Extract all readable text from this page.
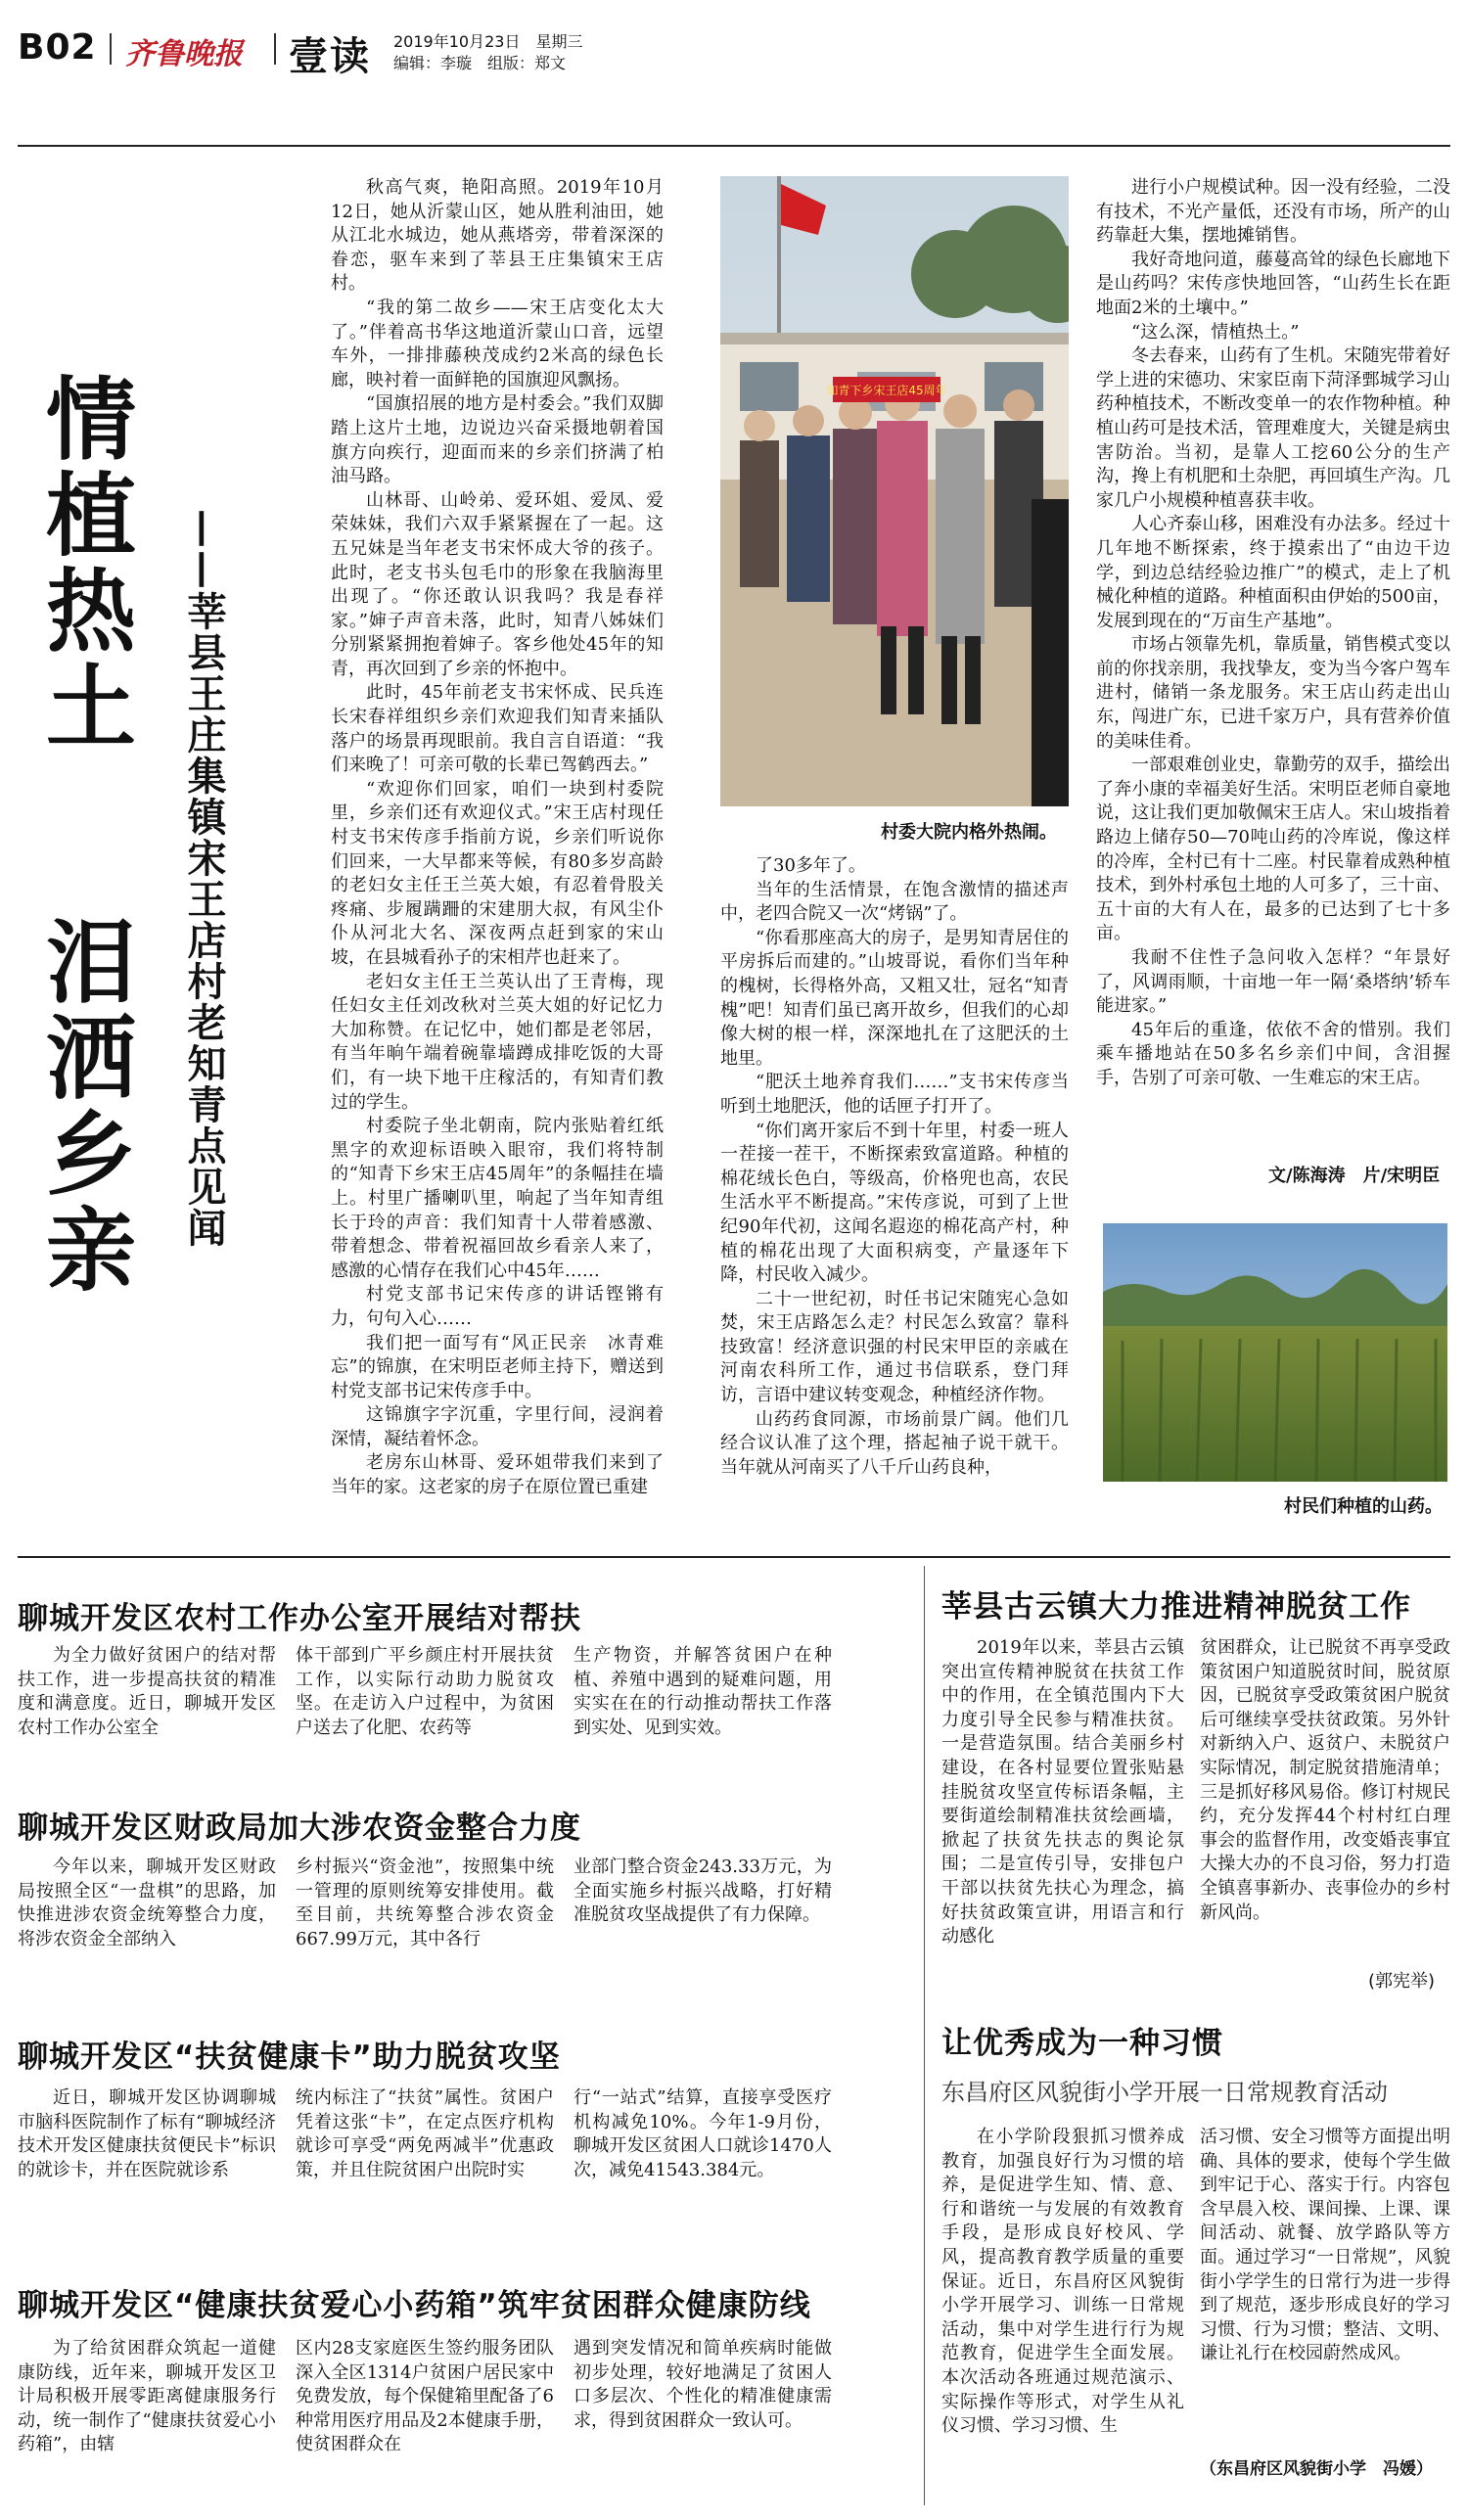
B02 齐鲁晚报 壹读 2019年10月23日　星期三
编辑：李璇　组版：郑文
情植热土
泪洒乡亲 ——莘县王庄集镇宋王店村老知青点见闻

秋高气爽，艳阳高照。2019年10月12日，她从沂蒙山区，她从胜利油田，她从江北水城边，她从燕塔旁，带着深深的眷恋，驱车来到了莘县王庄集镇宋王店村。

“我的第二故乡——宋王店变化太大了。”伴着高书华这地道沂蒙山口音，远望车外，一排排藤秧茂成约2米高的绿色长廊，映衬着一面鲜艳的国旗迎风飘扬。

“国旗招展的地方是村委会。”我们双脚踏上这片土地，边说边兴奋采摄地朝着国旗方向疾行，迎面而来的乡亲们挤满了柏油马路。

山林哥、山岭弟、爱环姐、爱凤、爱荣妹妹，我们六双手紧紧握在了一起。这五兄妹是当年老支书宋怀成大爷的孩子。此时，老支书头包毛巾的形象在我脑海里出现了。“你还敢认识我吗？我是春祥家。”婶子声音未落，此时，知青八姊妹们分别紧紧拥抱着婶子。客乡他处45年的知青，再次回到了乡亲的怀抱中。

此时，45年前老支书宋怀成、民兵连长宋春祥组织乡亲们欢迎我们知青来插队落户的场景再现眼前。我自言自语道：“我们来晚了！可亲可敬的长辈已驾鹤西去。”

“欢迎你们回家，咱们一块到村委院里，乡亲们还有欢迎仪式。”宋王店村现任村支书宋传彦手指前方说，乡亲们听说你们回来，一大早都来等候，有80多岁高龄的老妇女主任王兰英大娘，有忍着骨股关疼痛、步履蹒跚的宋建朋大叔，有风尘仆仆从河北大名、深夜两点赶到家的宋山坡，在县城看孙子的宋相芹也赶来了。

老妇女主任王兰英认出了王青梅，现任妇女主任刘改秋对兰英大姐的好记忆力大加称赞。在记忆中，她们都是老邻居，有当年晌午端着碗靠墙蹲成排吃饭的大哥们，有一块下地干庄稼活的，有知青们教过的学生。

村委院子坐北朝南，院内张贴着红纸黑字的欢迎标语映入眼帘，我们将特制的“知青下乡宋王店45周年”的条幅挂在墙上。村里广播喇叭里，响起了当年知青组长于玲的声音：我们知青十人带着感激、带着想念、带着祝福回故乡看亲人来了，感激的心情存在我们心中45年……

村党支部书记宋传彦的讲话铿锵有力，句句入心……

我们把一面写有“风正民亲　冰青难忘”的锦旗，在宋明臣老师主持下，赠送到村党支部书记宋传彦手中。

这锦旗字字沉重，字里行间，浸润着深情，凝结着怀念。

老房东山林哥、爱环姐带我们来到了当年的家。这老家的房子在原位置已重建

知青下乡宋王店45周年
村委大院内格外热闹。

了30多年了。

当年的生活情景，在饱含激情的描述声中，老四合院又一次“烤锅”了。

“你看那座高大的房子，是男知青居住的平房拆后而建的。”山坡哥说，看你们当年种的槐树，长得格外高，又粗又壮，冠名“知青槐”吧！知青们虽已离开故乡，但我们的心却像大树的根一样，深深地扎在了这肥沃的土地里。

“肥沃土地养育我们……”支书宋传彦当听到土地肥沃，他的话匣子打开了。

“你们离开家后不到十年里，村委一班人一茬接一茬干，不断探索致富道路。种植的棉花绒长色白，等级高，价格兜也高，农民生活水平不断提高。”宋传彦说，可到了上世纪90年代初，这闻名遐迩的棉花高产村，种植的棉花出现了大面积病变，产量逐年下降，村民收入减少。

二十一世纪初，时任书记宋随宪心急如焚，宋王店路怎么走？村民怎么致富？靠科技致富！经济意识强的村民宋甲臣的亲戚在河南农科所工作，通过书信联系，登门拜访，言语中建议转变观念，种植经济作物。

山药药食同源，市场前景广阔。他们几经合议认准了这个理，搭起袖子说干就干。当年就从河南买了八千斤山药良种，

进行小户规模试种。因一没有经验，二没有技术，不光产量低，还没有市场，所产的山药靠赶大集，摆地摊销售。

我好奇地问道，藤蔓高耸的绿色长廊地下是山药吗？宋传彦快地回答，“山药生长在距地面2米的土壤中。”

“这么深，情植热土。”

冬去春来，山药有了生机。宋随宪带着好学上进的宋德功、宋家臣南下菏泽鄄城学习山药种植技术，不断改变单一的农作物种植。种植山药可是技术活，管理难度大，关键是病虫害防治。当初，是靠人工挖60公分的生产沟，搀上有机肥和土杂肥，再回填生产沟。几家几户小规模种植喜获丰收。

人心齐泰山移，困难没有办法多。经过十几年地不断探索，终于摸索出了“由边干边学，到边总结经验边推广”的模式，走上了机械化种植的道路。种植面积由伊始的500亩，发展到现在的“万亩生产基地”。

市场占领靠先机，靠质量，销售模式变以前的你找亲朋，我找挚友，变为当今客户驾车进村，储销一条龙服务。宋王店山药走出山东，闯进广东，已进千家万户，具有营养价值的美味佳肴。

一部艰难创业史，靠勤劳的双手，描绘出了奔小康的幸福美好生活。宋明臣老师自豪地说，这让我们更加敬佩宋王店人。宋山坡指着路边上储存50—70吨山药的冷库说，像这样的冷库，全村已有十二座。村民靠着成熟种植技术，到外村承包土地的人可多了，三十亩、五十亩的大有人在，最多的已达到了七十多亩。

我耐不住性子急问收入怎样？“年景好了，风调雨顺，十亩地一年一隔‘桑塔纳’轿车能进家。”

45年后的重逢，依依不舍的惜别。我们乘车播地站在50多名乡亲们中间，含泪握手，告别了可亲可敬、一生难忘的宋王店。

文/陈海涛　片/宋明臣
村民们种植的山药。
聊城开发区农村工作办公室开展结对帮扶

为全力做好贫困户的结对帮扶工作，进一步提高扶贫的精准度和满意度。近日，聊城开发区农村工作办公室全

体干部到广平乡颜庄村开展扶贫工作，以实际行动助力脱贫攻坚。在走访入户过程中，为贫困户送去了化肥、农药等

生产物资，并解答贫困户在种植、养殖中遇到的疑难问题，用实实在在的行动推动帮扶工作落到实处、见到实效。

聊城开发区财政局加大涉农资金整合力度

今年以来，聊城开发区财政局按照全区“一盘棋”的思路，加快推进涉农资金统筹整合力度，将涉农资金全部纳入

乡村振兴“资金池”，按照集中统一管理的原则统筹安排使用。截至目前，共统筹整合涉农资金667.99万元，其中各行

业部门整合资金243.33万元，为全面实施乡村振兴战略，打好精准脱贫攻坚战提供了有力保障。

聊城开发区“扶贫健康卡”助力脱贫攻坚

近日，聊城开发区协调聊城市脑科医院制作了标有“聊城经济技术开发区健康扶贫便民卡”标识的就诊卡，并在医院就诊系

统内标注了“扶贫”属性。贫困户凭着这张“卡”，在定点医疗机构就诊可享受“两免两减半”优惠政策，并且住院贫困户出院时实

行“一站式”结算，直接享受医疗机构减免10%。今年1-9月份，聊城开发区贫困人口就诊1470人次，减免41543.384元。

聊城开发区“健康扶贫爱心小药箱”筑牢贫困群众健康防线

为了给贫困群众筑起一道健康防线，近年来，聊城开发区卫计局积极开展零距离健康服务行动，统一制作了“健康扶贫爱心小药箱”，由辖

区内28支家庭医生签约服务团队深入全区1314户贫困户居民家中免费发放，每个保健箱里配备了6种常用医疗用品及2本健康手册，使贫困群众在

遇到突发情况和简单疾病时能做初步处理，较好地满足了贫困人口多层次、个性化的精准健康需求，得到贫困群众一致认可。

莘县古云镇大力推进精神脱贫工作

2019年以来，莘县古云镇突出宣传精神脱贫在扶贫工作中的作用，在全镇范围内下大力度引导全民参与精准扶贫。一是营造氛围。结合美丽乡村建设，在各村显要位置张贴悬挂脱贫攻坚宣传标语条幅，主要街道绘制精准扶贫绘画墙，掀起了扶贫先扶志的舆论氛围；二是宣传引导，安排包户干部以扶贫先扶心为理念，搞好扶贫政策宣讲，用语言和行动感化

贫困群众，让已脱贫不再享受政策贫困户知道脱贫时间，脱贫原因，已脱贫享受政策贫困户脱贫后可继续享受扶贫政策。另外针对新纳入户、返贫户、未脱贫户实际情况，制定脱贫措施清单；三是抓好移风易俗。修订村规民约，充分发挥44个村村红白理事会的监督作用，改变婚丧事宜大操大办的不良习俗，努力打造全镇喜事新办、丧事俭办的乡村新风尚。

(郭宪举)
让优秀成为一种习惯
东昌府区风貌街小学开展一日常规教育活动

在小学阶段狠抓习惯养成教育，加强良好行为习惯的培养，是促进学生知、情、意、行和谐统一与发展的有效教育手段，是形成良好校风、学风，提高教育教学质量的重要保证。近日，东昌府区风貌街小学开展学习、训练一日常规活动，集中对学生进行行为规范教育，促进学生全面发展。本次活动各班通过规范演示、实际操作等形式，对学生从礼仪习惯、学习习惯、生

活习惯、安全习惯等方面提出明确、具体的要求，使每个学生做到牢记于心、落实于行。内容包含早晨入校、课间操、上课、课间活动、就餐、放学路队等方面。通过学习“一日常规”，风貌街小学学生的日常行为进一步得到了规范，逐步形成良好的学习习惯、行为习惯；整洁、文明、谦让礼行在校园蔚然成风。

（东昌府区风貌街小学　冯媛）
